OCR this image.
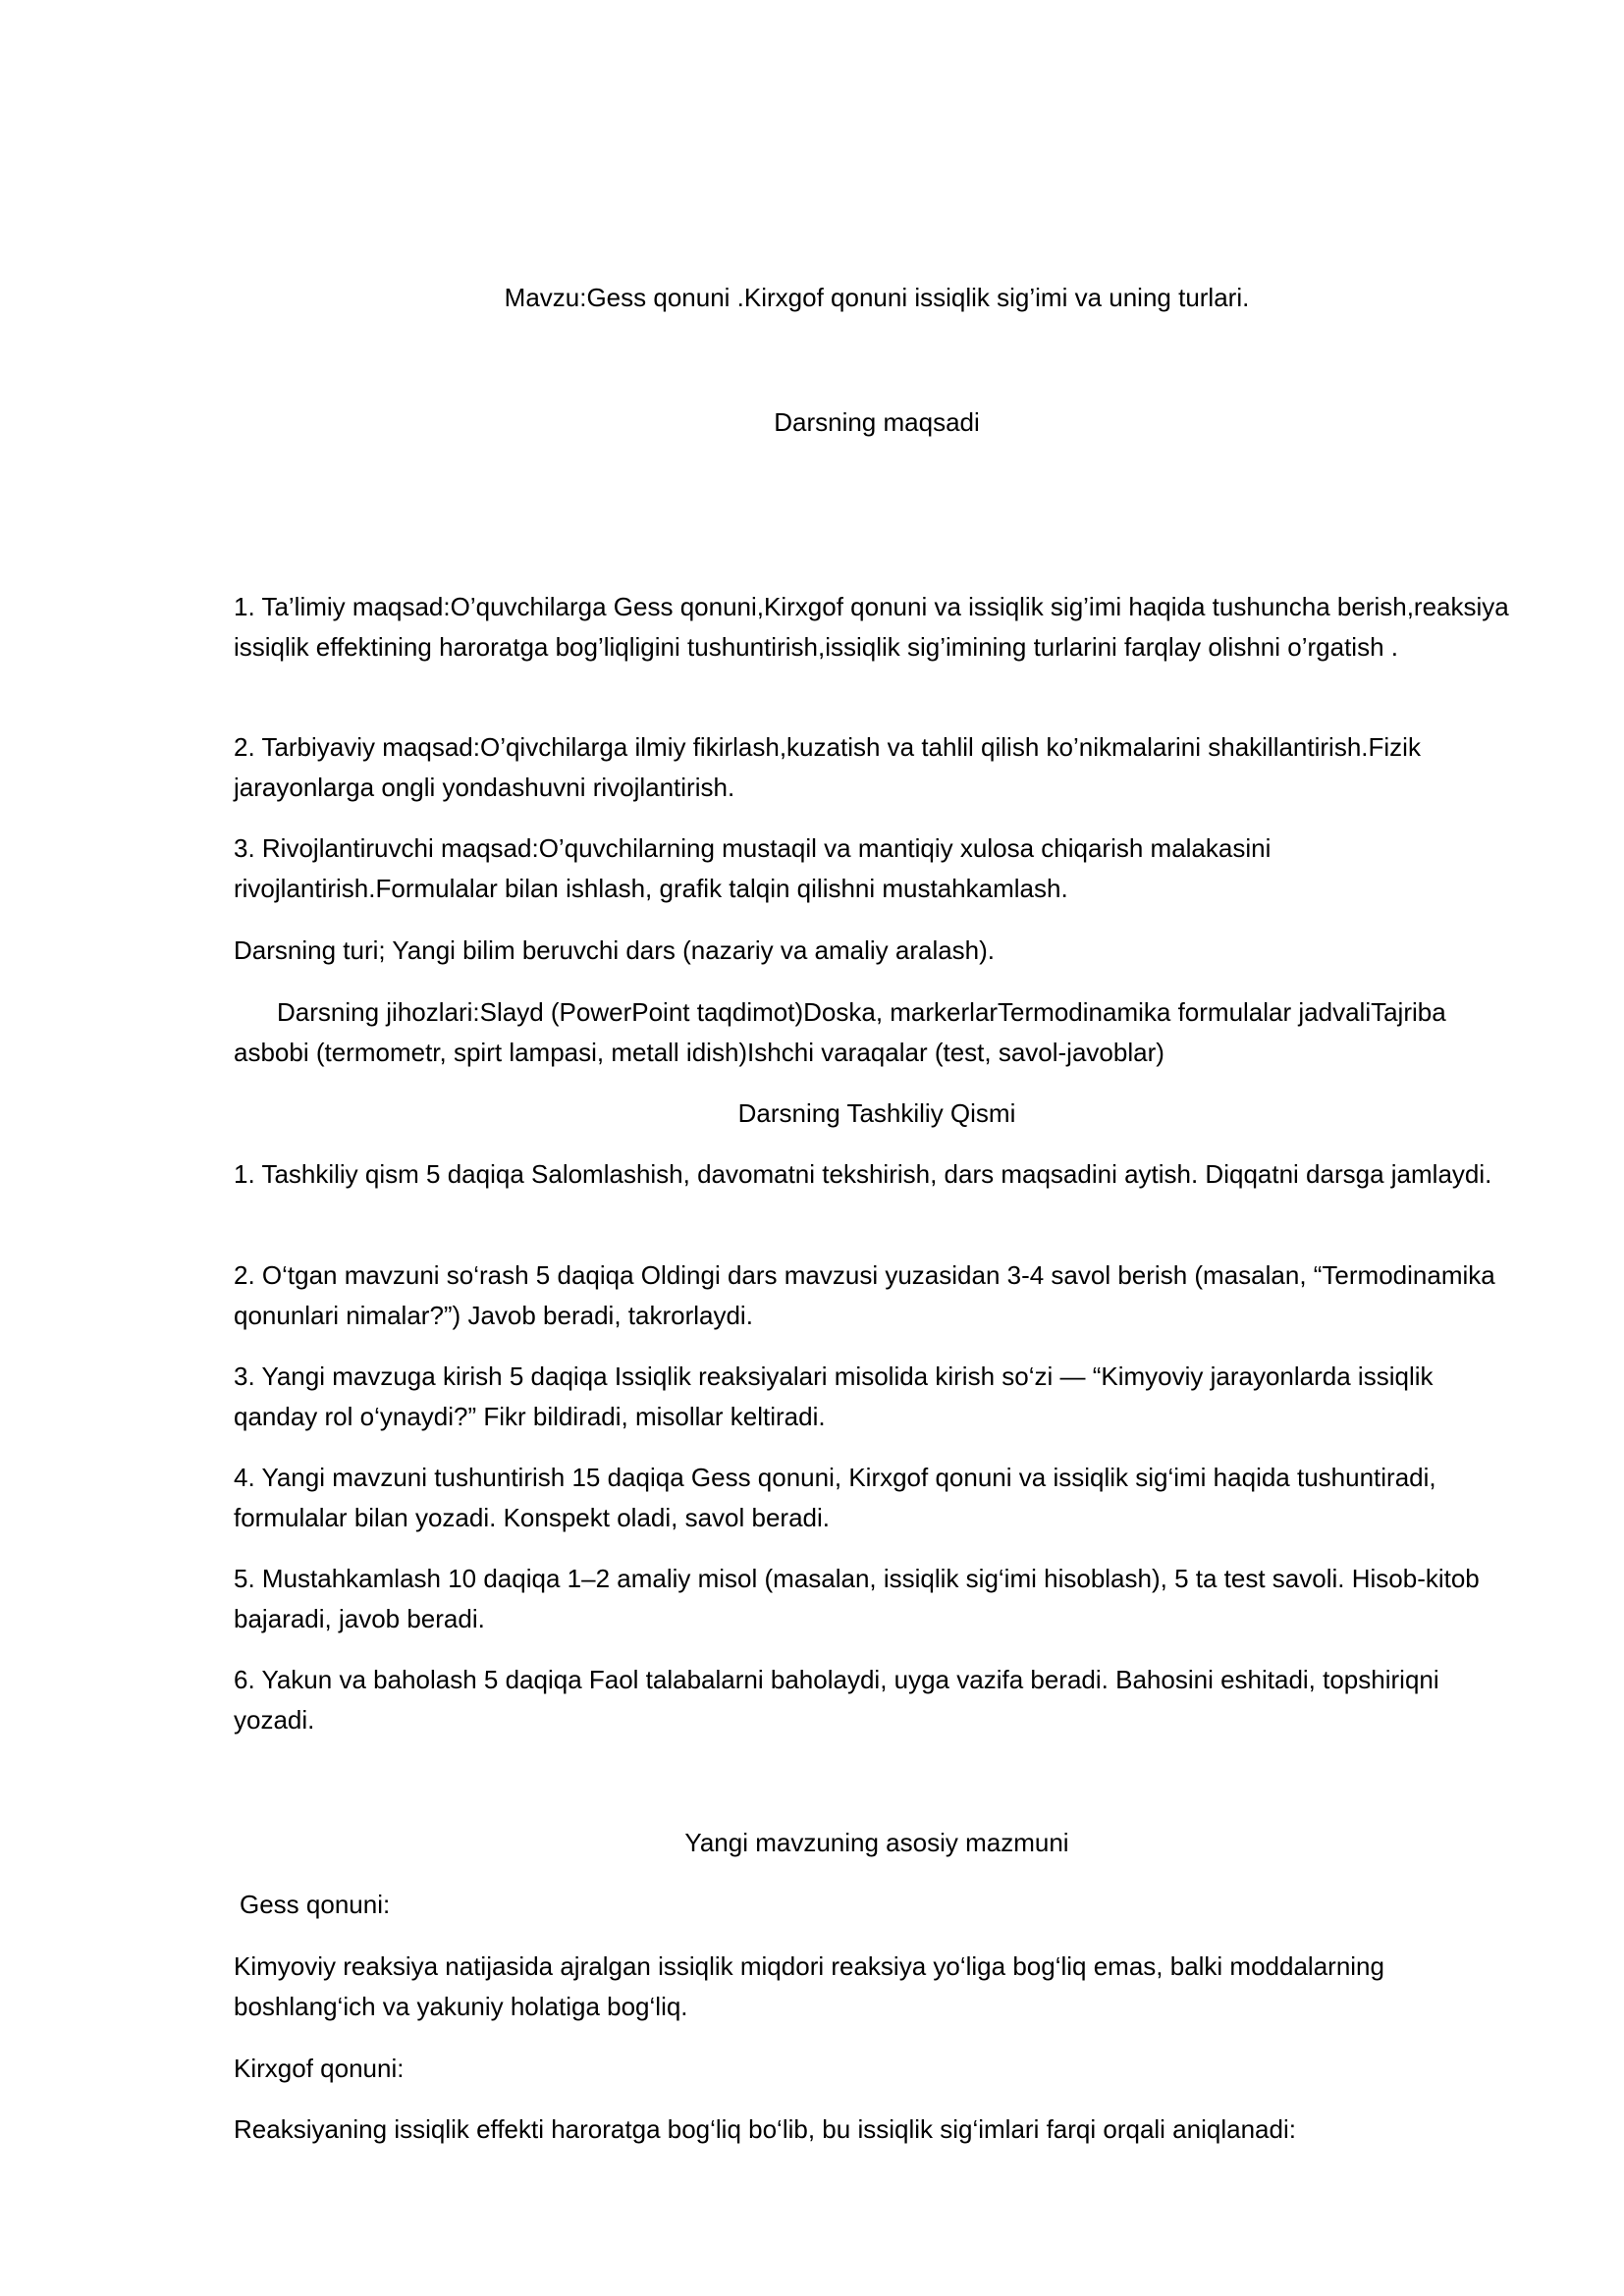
Mavzu:Gess qonuni .Kirxgof qonuni issiqlik sig’imi va uning turlari.

Darsning maqsadi

1. Ta’limiy maqsad:O’quvchilarga Gess qonuni,Kirxgof qonuni va issiqlik sig’imi haqida tushuncha berish,reaksiya issiqlik effektining haroratga bog’liqligini tushuntirish,issiqlik sig’imining turlarini farqlay olishni o’rgatish .

2. Tarbiyaviy maqsad:O’qivchilarga ilmiy fikirlash,kuzatish va tahlil qilish ko’nikmalarini shakillantirish.Fizik jarayonlarga ongli yondashuvni rivojlantirish.

3. Rivojlantiruvchi maqsad:O’quvchilarning mustaqil va mantiqiy xulosa chiqarish malakasini rivojlantirish.Formulalar bilan ishlash, grafik talqin qilishni mustahkamlash.

Darsning turi; Yangi bilim beruvchi dars (nazariy va amaliy aralash).

Darsning jihozlari:Slayd (PowerPoint taqdimot)Doska, markerlarTermodinamika formulalar jadvaliTajriba asbobi (termometr, spirt lampasi, metall idish)Ishchi varaqalar (test, savol-javoblar)

Darsning Tashkiliy Qismi

1. Tashkiliy qism 5 daqiqa Salomlashish, davomatni tekshirish, dars maqsadini aytish. Diqqatni darsga jamlaydi.

2. O‘tgan mavzuni so‘rash 5 daqiqa Oldingi dars mavzusi yuzasidan 3-4 savol berish (masalan, “Termodinamika qonunlari nimalar?”) Javob beradi, takrorlaydi.

3. Yangi mavzuga kirish 5 daqiqa Issiqlik reaksiyalari misolida kirish so‘zi — “Kimyoviy jarayonlarda issiqlik qanday rol o‘ynaydi?” Fikr bildiradi, misollar keltiradi.

4. Yangi mavzuni tushuntirish 15 daqiqa Gess qonuni, Kirxgof qonuni va issiqlik sig‘imi haqida tushuntiradi, formulalar bilan yozadi. Konspekt oladi, savol beradi.

5. Mustahkamlash 10 daqiqa 1–2 amaliy misol (masalan, issiqlik sig‘imi hisoblash), 5 ta test savoli. Hisob-kitob bajaradi, javob beradi.

6. Yakun va baholash 5 daqiqa Faol talabalarni baholaydi, uyga vazifa beradi. Bahosini eshitadi, topshiriqni yozadi.

Yangi mavzuning asosiy mazmuni

Gess qonuni:

Kimyoviy reaksiya natijasida ajralgan issiqlik miqdori reaksiya yo‘liga bog‘liq emas, balki moddalarning boshlang‘ich va yakuniy holatiga bog‘liq.

Kirxgof qonuni:

Reaksiyaning issiqlik effekti haroratga bog‘liq bo‘lib, bu issiqlik sig‘imlari farqi orqali aniqlanadi:
